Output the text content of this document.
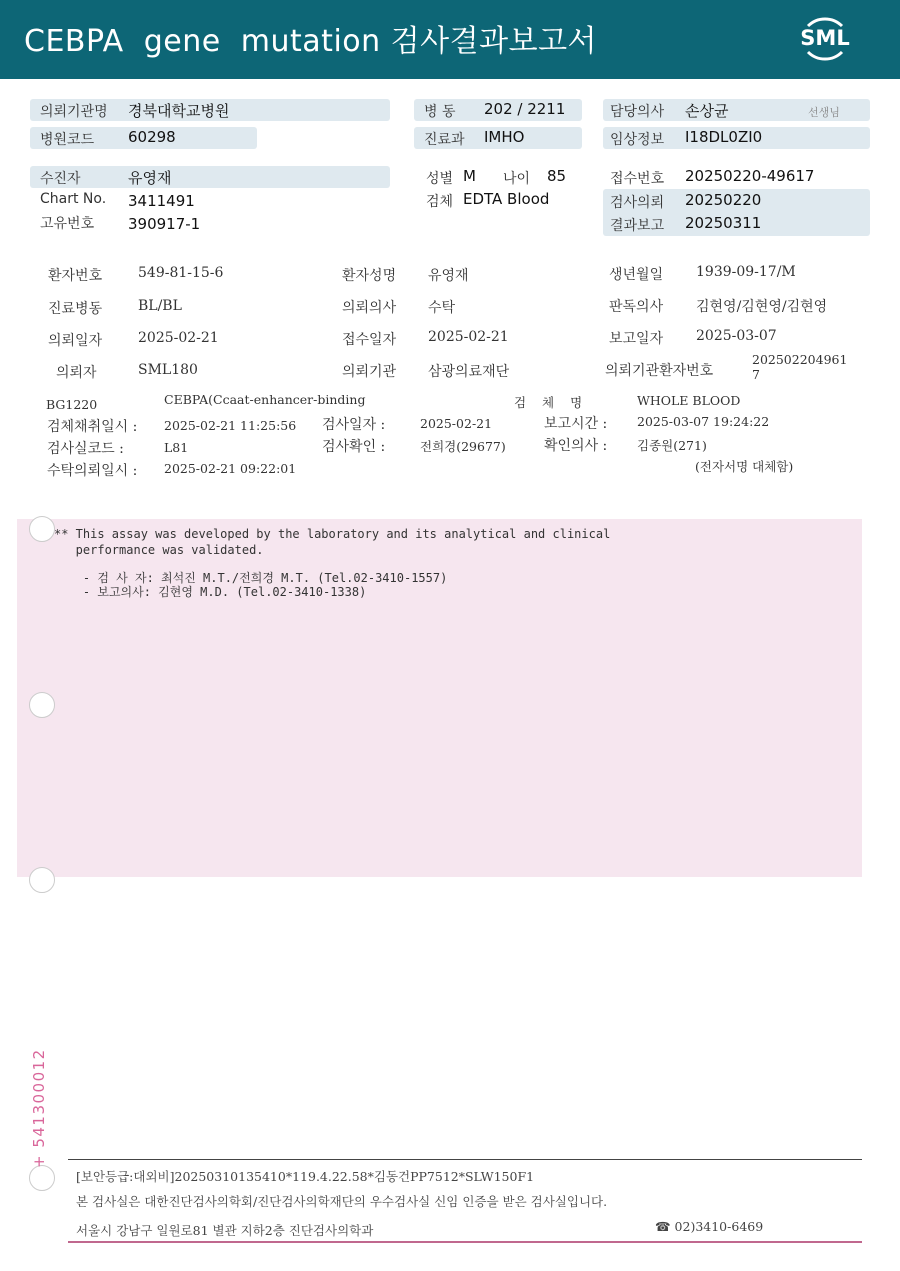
CEBPA  gene  mutation 검사결과보고서	SML
의뢰기관명 경북대학교병원
병원코드 60298
병 동 202 / 2211
진료과 IMHO
담당의사 손상균	선생님
임상정보 I18DL0ZI0
수진자	유영재
Chart No. 3411491
고유번호 390917-1
성별 M 나이 85
검체 EDTA Blood
접수번호 20250220-49617
검사의뢰 20250220
결과보고 20250311
환자번호	549-81-15-6	환자성명 유영재	생년월일 1939-09-17/M
진료병동	BL/BL	의뢰의사 수탁	판독의사 김현영/김현영/김현영
의뢰일자	2025-02-21	접수일자 2025-02-21	보고일자 2025-03-07
의뢰자	SML180	의뢰기관 삼광의료재단	의뢰기관환자번호
202502204961
7
BG1220	CEBPA(Ccaat-enhancer-binding	검 체 명	WHOLE BLOOD
검체채취일시 : 2025-02-21 11:25:56 검사일자 :	2025-02-21	보고시간 : 2025-03-07 19:24:22
검사실코드 :	L81	검사확인 :	전희경(29677)	확인의사 : 김종원(271)
수탁의뢰일시 : 2025-02-21 09:22:01	(전자서명 대체함)
** This assay was developed by the laboratory and its analytical and clinical
performance was validated.
- 검 사 자: 최석진 M.T./전희경 M.T. (Tel.02-3410-1557)
- 보고의사: 김현영 M.D. (Tel.02-3410-1338)
+ 541300012
[보안등급:대외비]20250310135410*119.4.22.58*김동건PP7512*SLW150F1
본 검사실은 대한진단검사의학회/진단검사의학재단의 우수검사실 신임 인증을 받은 검사실입니다.
서울시 강남구 일원로81 별관 지하2층 진단검사의학과	☎ 02)3410-6469
